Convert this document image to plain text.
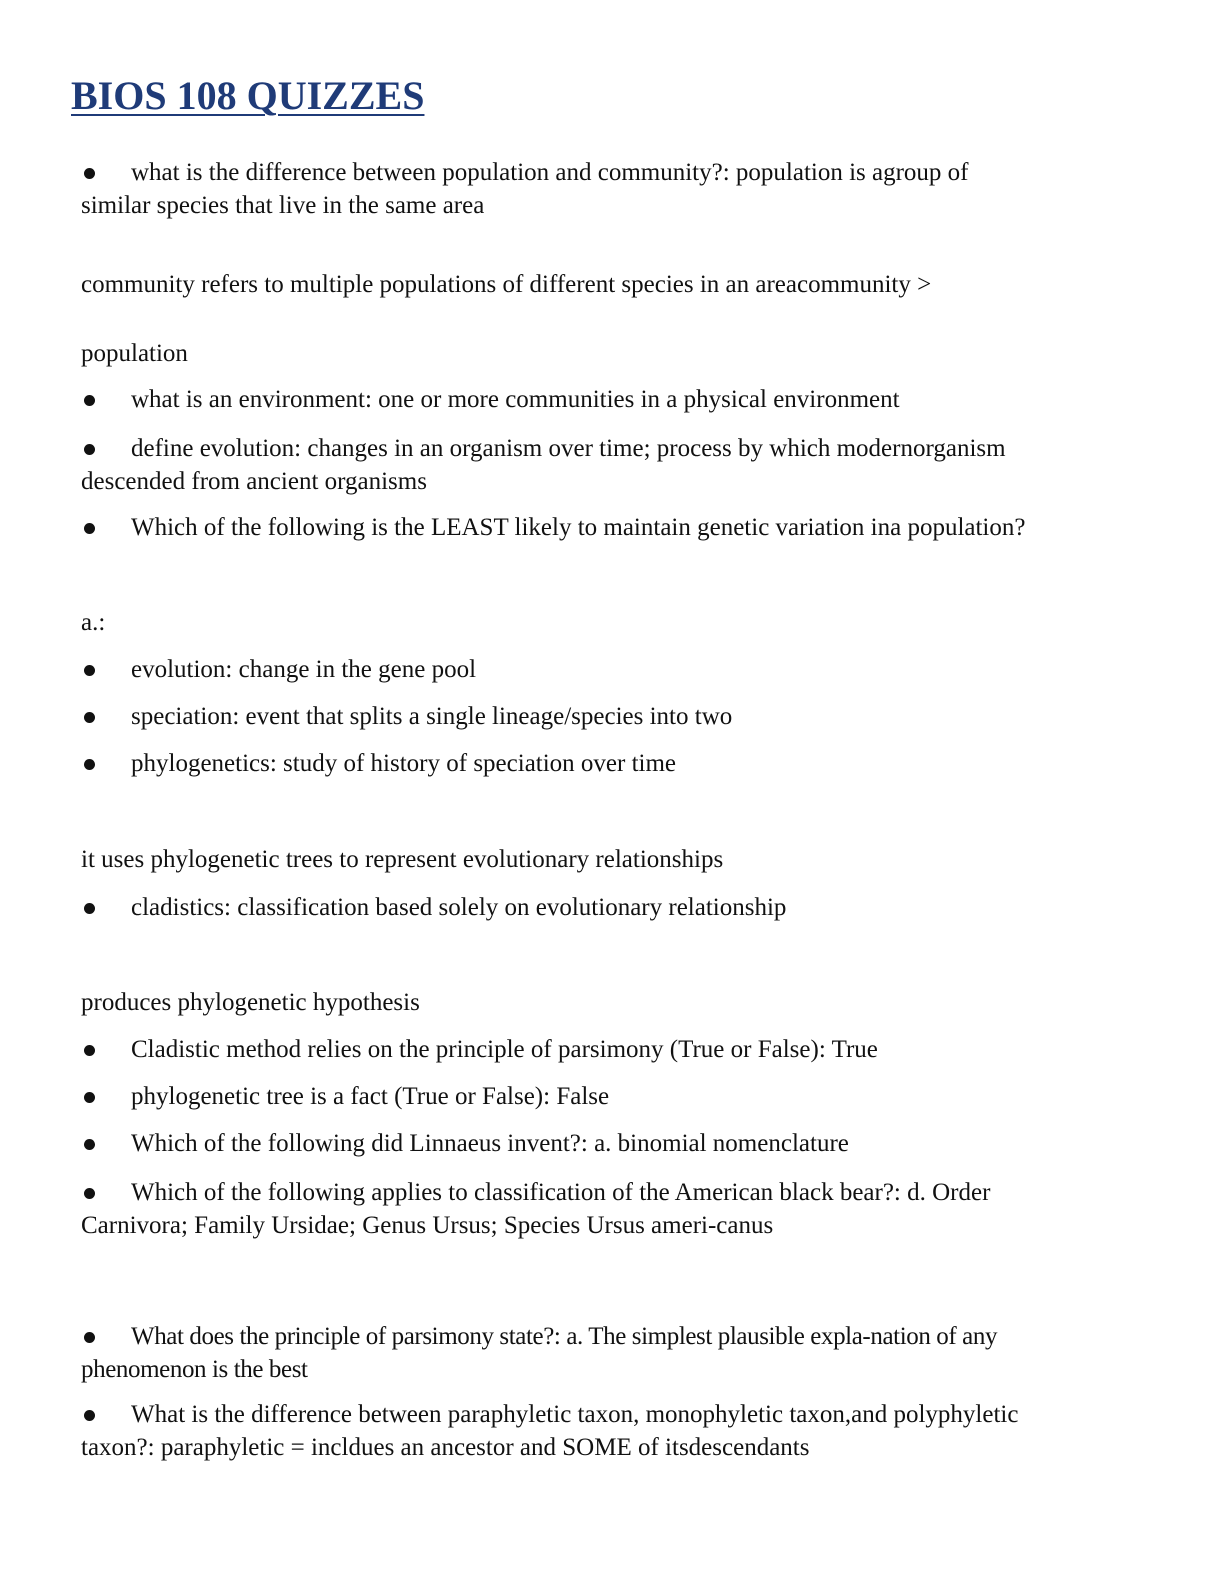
BIOS 108 QUIZZES
what is the difference between population and community?: population is agroup of
similar species that live in the same area
community refers to multiple populations of different species in an areacommunity >
population
what is an environment: one or more communities in a physical environment
define evolution: changes in an organism over time; process by which modernorganism
descended from ancient organisms
Which of the following is the LEAST likely to maintain genetic variation ina population?
a.:
evolution: change in the gene pool
speciation: event that splits a single lineage/species into two
phylogenetics: study of history of speciation over time
it uses phylogenetic trees to represent evolutionary relationships
cladistics: classification based solely on evolutionary relationship
produces phylogenetic hypothesis
Cladistic method relies on the principle of parsimony (True or False): True
phylogenetic tree is a fact (True or False): False
Which of the following did Linnaeus invent?: a. binomial nomenclature
Which of the following applies to classification of the American black bear?: d. Order
Carnivora; Family Ursidae; Genus Ursus; Species Ursus ameri-canus
What does the principle of parsimony state?: a. The simplest plausible expla-nation of any
phenomenon is the best
What is the difference between paraphyletic taxon, monophyletic taxon,and polyphyletic
taxon?: paraphyletic = incldues an ancestor and SOME of itsdescendants
